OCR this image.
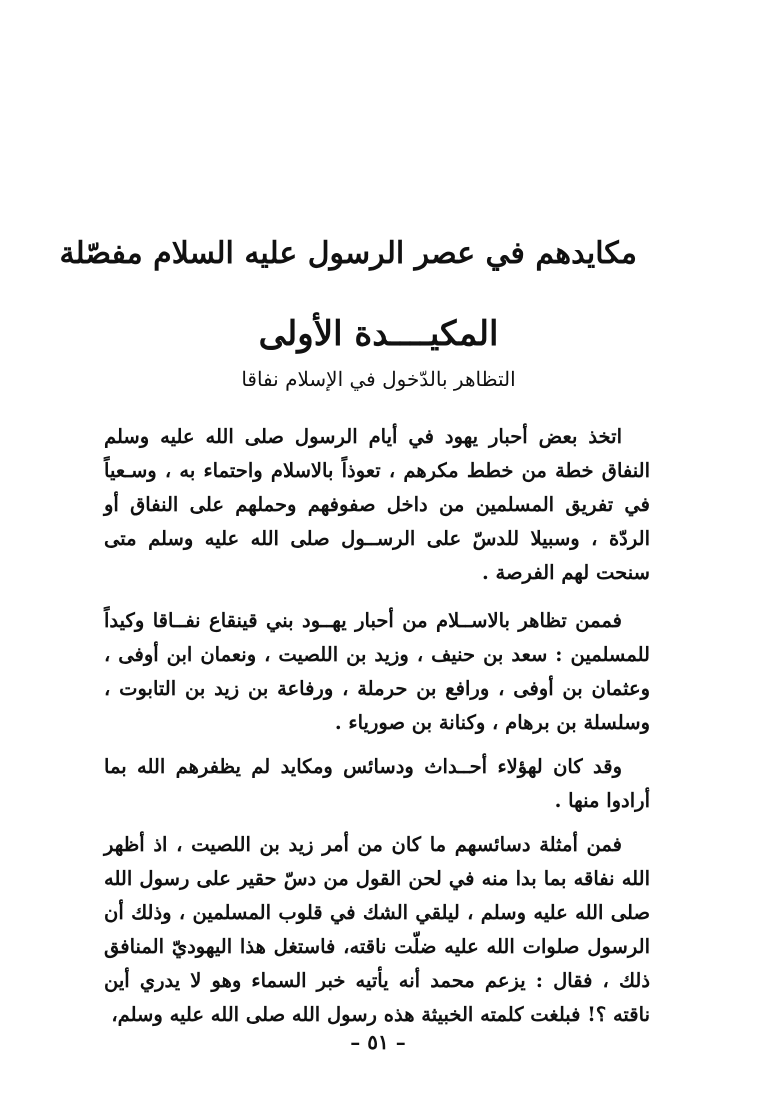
مكايدهم في عصر الرسول عليه السلام مفصّلة
المكيــــدة الأولى
التظاهر بالدّخول في الإسلام نفاقا

اتخذ بعض أحبار يهود في أيام الرسول صلى الله عليه وسلم النفاق خطة من خطط مكرهم ، تعوذاً بالاسلام واحتماء به ، وسـعياً في تفريق المسلمين من داخل صفوفهم وحملهم على النفاق أو الردّة ، وسبيلا للدسّ على الرســول صلى الله عليه وسلم متى سنحت لهم الفرصة .

فممن تظاهر بالاســلام من أحبار يهــود بني قينقاع نفــاقا وكيداً للمسلمين : سعد بن حنيف ، وزيد بن اللصيت ، ونعمان ابن أوفى ، وعثمان بن أوفى ، ورافع بن حرملة ، ورفاعة بن زيد بن التابوت ، وسلسلة بن برهام ، وكنانة بن صورياء .

وقد كان لهؤلاء أحــداث ودسائس ومكايد لم يظفرهم الله بما أرادوا منها .

فمن أمثلة دسائسهم ما كان من أمر زيد بن اللصيت ، اذ أظهر الله نفاقه بما بدا منه في لحن القول من دسّ حقير على رسول الله صلى الله عليه وسلم ، ليلقي الشك في قلوب المسلمين ، وذلك أن الرسول صلوات الله عليه ضلّت ناقته، فاستغل هذا اليهوديّ المنافق ذلك ، فقال : يزعم محمد أنه يأتيه خبر السماء وهو لا يدري أين ناقته ؟! فبلغت كلمته الخبيثة هذه رسول الله صلى الله عليه وسلم،

– ٥١ –
